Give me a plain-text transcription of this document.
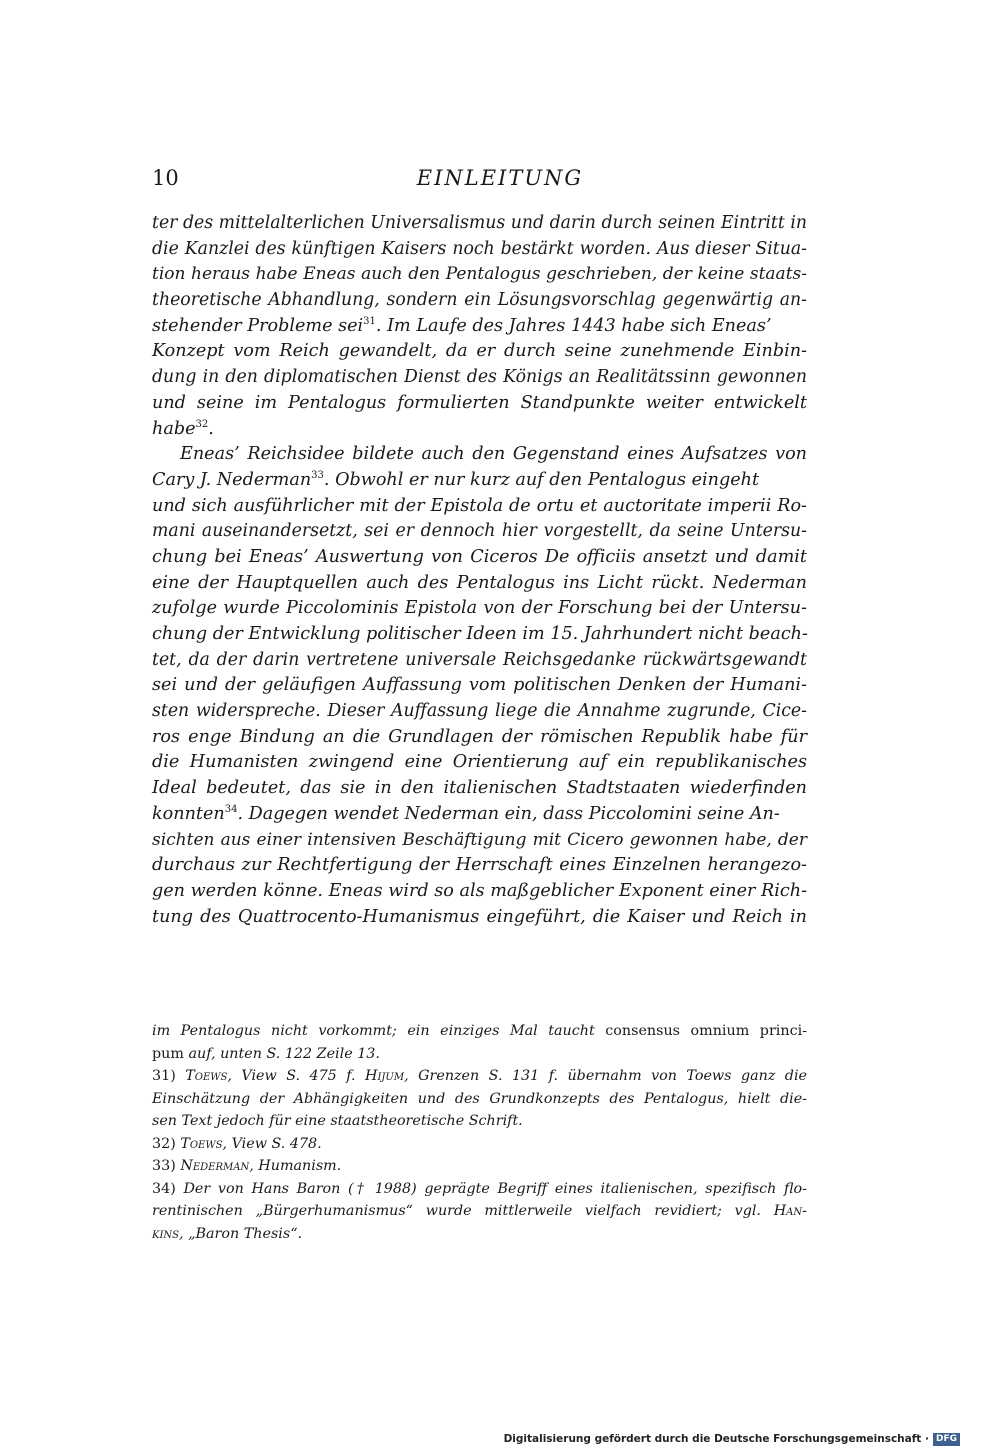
10	EINLEITUNG
ter des mittelalterlichen Universalismus und darin durch seinen Eintritt in
die Kanzlei des künftigen Kaisers noch bestärkt worden. Aus dieser Situa-
tion heraus habe Eneas auch den Pentalogus geschrieben, der keine staats-
theoretische Abhandlung, sondern ein Lösungsvorschlag gegenwärtig an-
stehender Probleme sei$^{31}$. Im Laufe des Jahres 1443 habe sich Eneas’
Konzept vom Reich gewandelt, da er durch seine zunehmende Einbin-
dung in den diplomatischen Dienst des Königs an Realitätssinn gewonnen
und seine im Pentalogus formulierten Standpunkte weiter entwickelt
habe$^{32}$.
Eneas’ Reichsidee bildete auch den Gegenstand eines Aufsatzes von
Cary J. Nederman$^{33}$. Obwohl er nur kurz auf den Pentalogus eingeht
und sich ausführlicher mit der Epistola de ortu et auctoritate imperii Ro-
mani auseinandersetzt, sei er dennoch hier vorgestellt, da seine Untersu-
chung bei Eneas’ Auswertung von Ciceros De officiis ansetzt und damit
eine der Hauptquellen auch des Pentalogus ins Licht rückt. Nederman
zufolge wurde Piccolominis Epistola von der Forschung bei der Untersu-
chung der Entwicklung politischer Ideen im 15. Jahrhundert nicht beach-
tet, da der darin vertretene universale Reichsgedanke rückwärtsgewandt
sei und der geläufigen Auffassung vom politischen Denken der Humani-
sten widerspreche. Dieser Auffassung liege die Annahme zugrunde, Cice-
ros enge Bindung an die Grundlagen der römischen Republik habe für
die Humanisten zwingend eine Orientierung auf ein republikanisches
Ideal bedeutet, das sie in den italienischen Stadtstaaten wiederfinden
konnten$^{34}$. Dagegen wendet Nederman ein, dass Piccolomini seine An-
sichten aus einer intensiven Beschäftigung mit Cicero gewonnen habe, der
durchaus zur Rechtfertigung der Herrschaft eines Einzelnen herangezo-
gen werden könne. Eneas wird so als maßgeblicher Exponent einer Rich-
tung des Quattrocento-Humanismus eingeführt, die Kaiser und Reich in
im Pentalogus nicht vorkommt; ein einziges Mal taucht consensus omnium princi-
pum auf, unten S. 122 Zeile 13.
31) Toews, View S. 475 f. Hijum, Grenzen S. 131 f. übernahm von Toews ganz die
Einschätzung der Abhängigkeiten und des Grundkonzepts des Pentalogus, hielt die-
sen Text jedoch für eine staatstheoretische Schrift.
32) Toews, View S. 478.
33) Nederman, Humanism.
34) Der von Hans Baron († 1988) geprägte Begriff eines italienischen, spezifisch flo-
rentinischen „Bürgerhumanismus“ wurde mittlerweile vielfach revidiert; vgl. Han-
kins, „Baron Thesis“.
Digitalisierung gefördert durch die Deutsche Forschungsgemeinschaft · DFG
